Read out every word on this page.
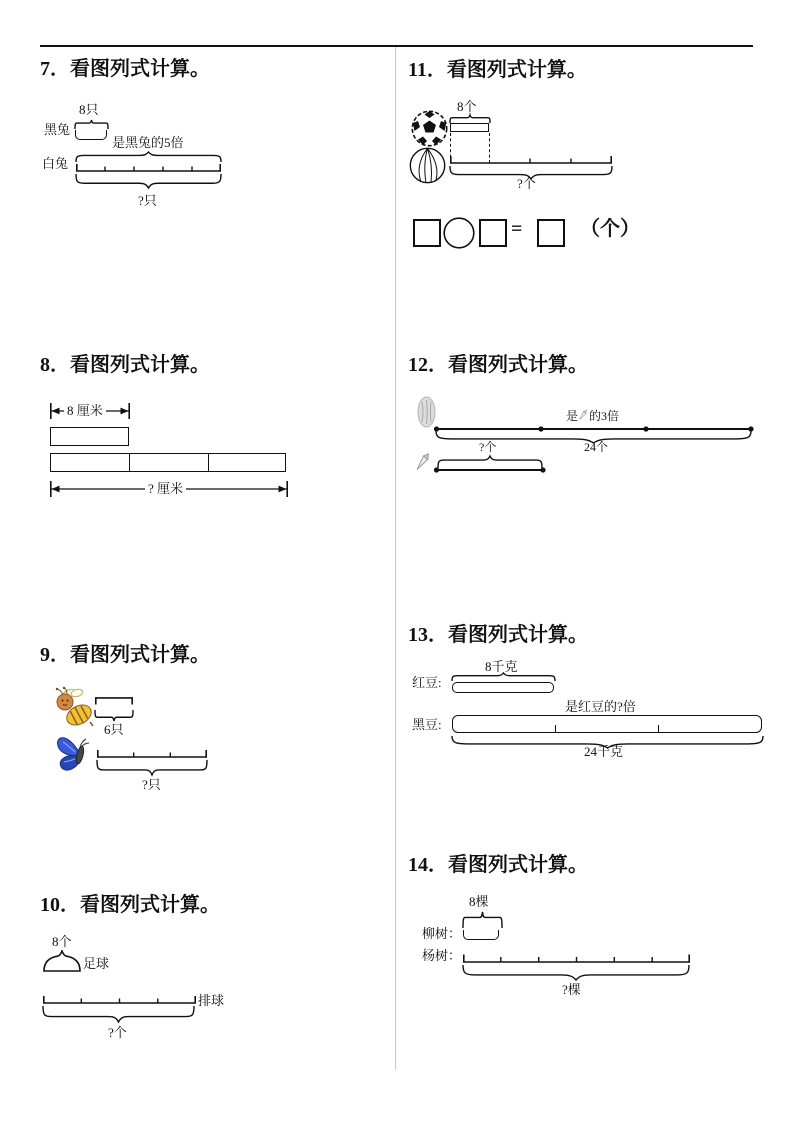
7．看图列式计算。
8只
黑兔
是黑兔的5倍
白兔
?只
8．看图列式计算。
8 厘米
? 厘米
9．看图列式计算。
6只
?只
10．看图列式计算。
8个
足球
排球
?个
11．看图列式计算。
8个
?个
=	（个）
12．看图列式计算。
是 的3倍
24个
?个
13．看图列式计算。
8千克
红豆:
是红豆的?倍
黑豆:
24千克
14．看图列式计算。
8棵
柳树：
杨树：
?棵
